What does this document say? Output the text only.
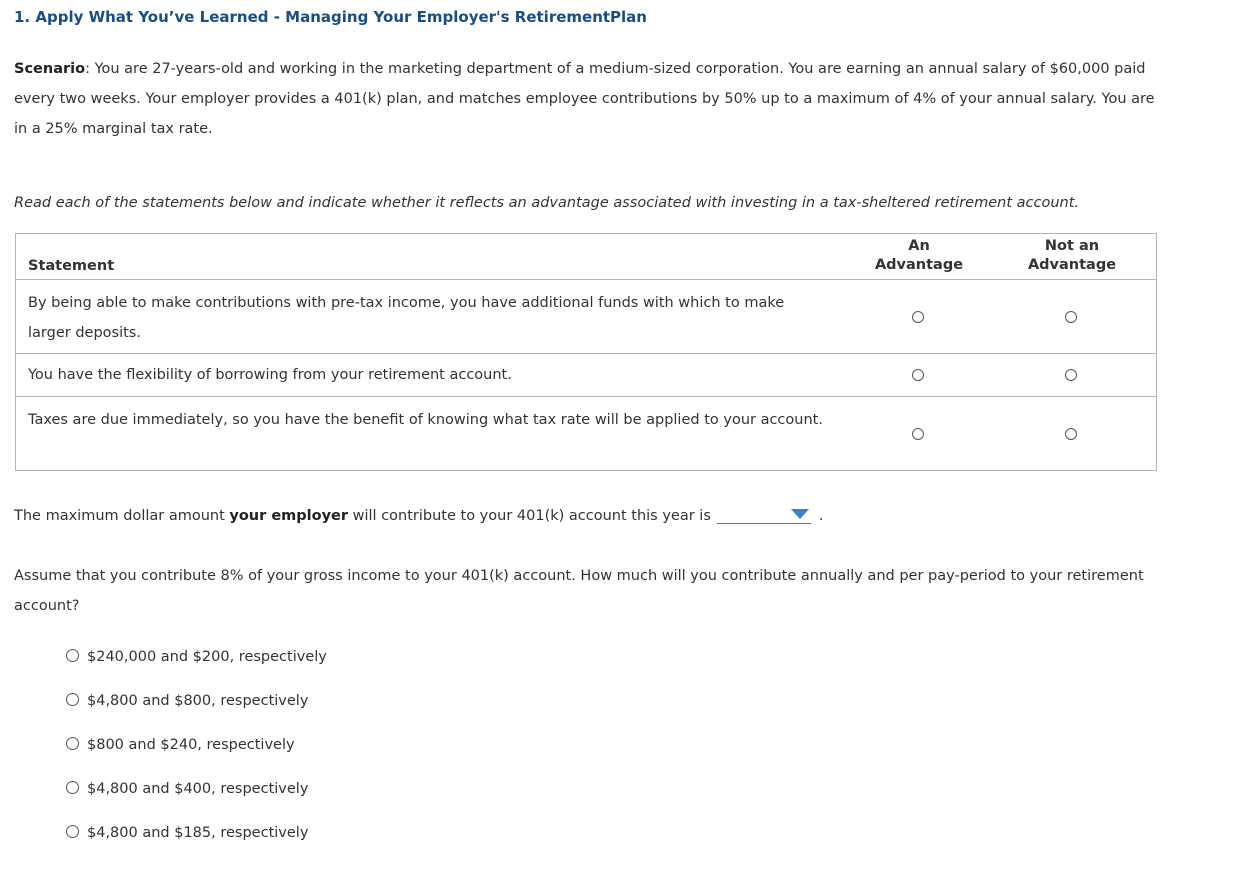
1. Apply What You’ve Learned - Managing Your Employer's RetirementPlan
Scenario: You are 27-years-old and working in the marketing department of a medium-sized corporation. You are earning an annual salary of $60,000 paid every two weeks. Your employer provides a 401(k) plan, and matches employee contributions by 50% up to a maximum of 4% of your annual salary. You are in a 25% marginal tax rate.
Read each of the statements below and indicate whether it reflects an advantage associated with investing in a tax-sheltered retirement account.
Statement
An
Advantage
Not an
Advantage
By being able to make contributions with pre-tax income, you have additional funds with which to make larger deposits.
You have the flexibility of borrowing from your retirement account.
Taxes are due immediately, so you have the benefit of knowing what tax rate will be applied to your account.
The maximum dollar amount your employer will contribute to your 401(k) account this year is	.
Assume that you contribute 8% of your gross income to your 401(k) account. How much will you contribute annually and per pay-period to your retirement account?
$240,000 and $200, respectively
$4,800 and $800, respectively
$800 and $240, respectively
$4,800 and $400, respectively
$4,800 and $185, respectively
